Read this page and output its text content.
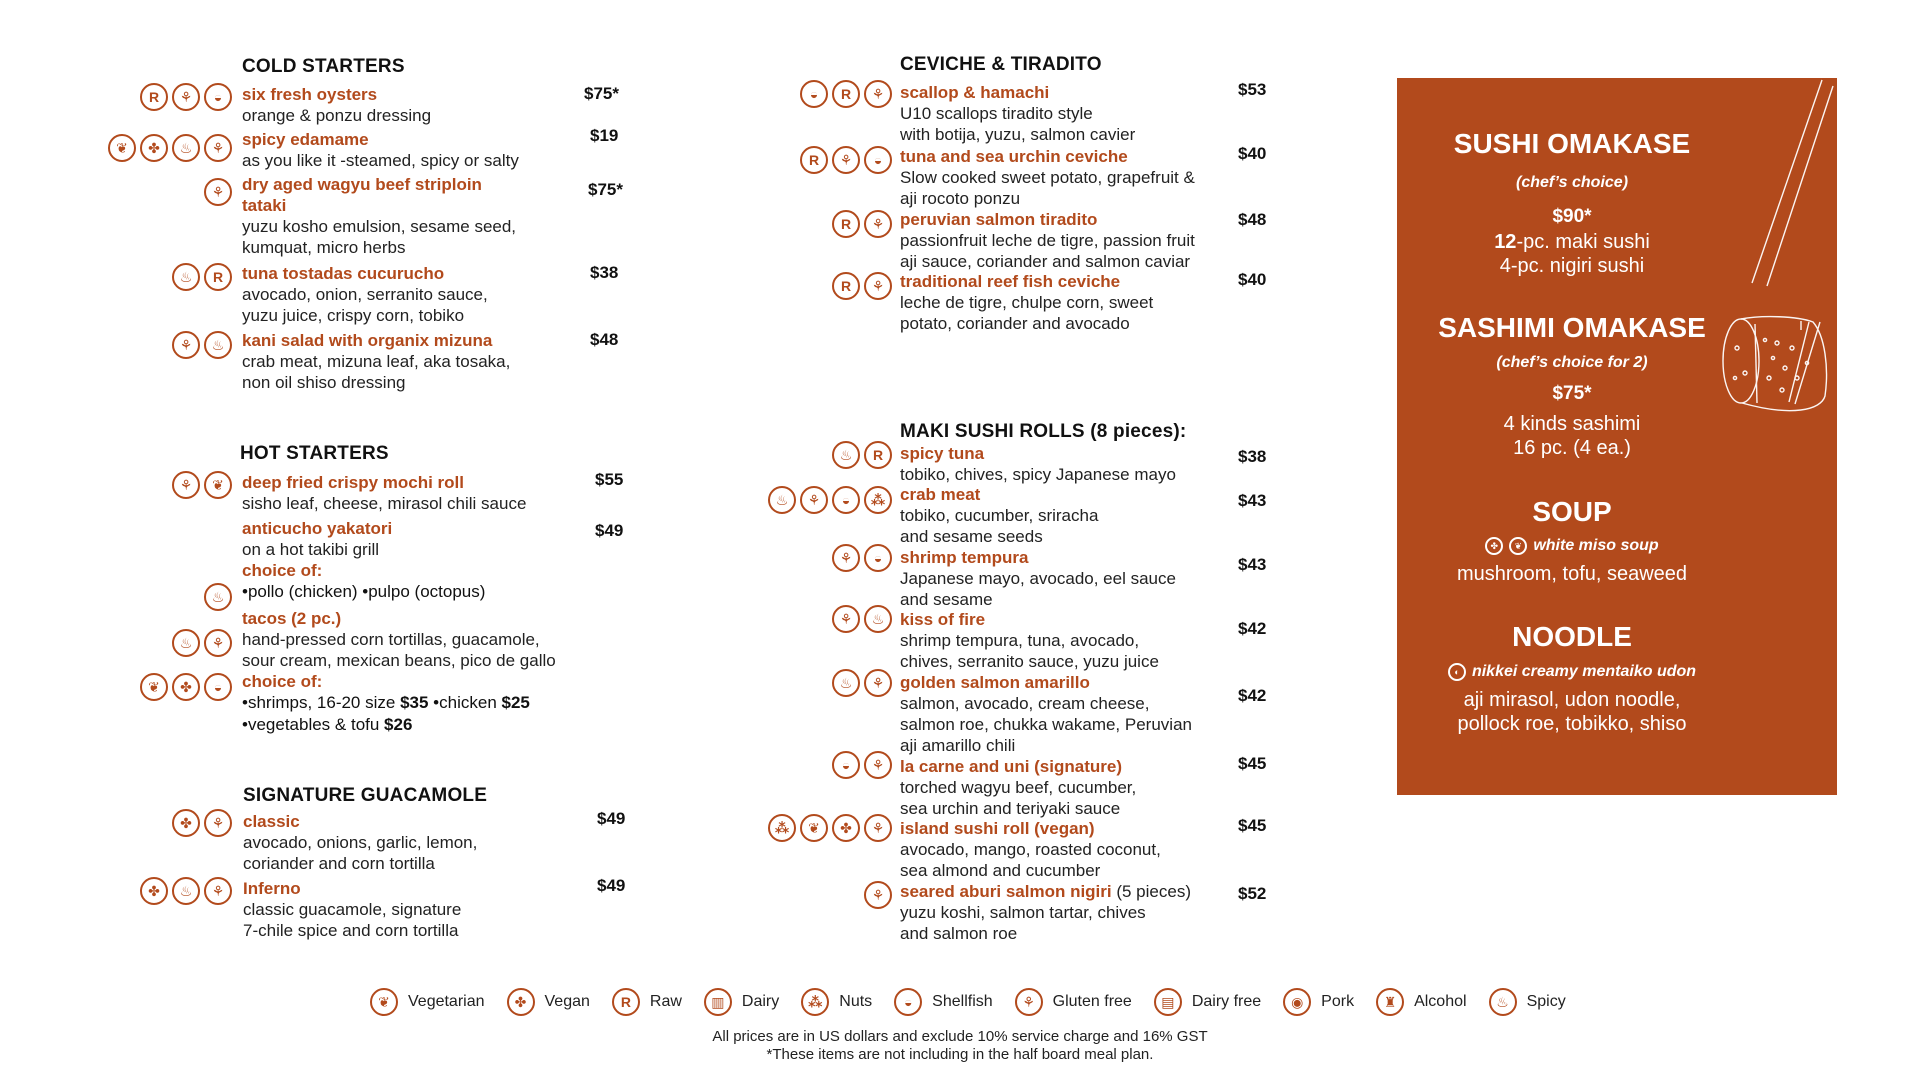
COLD STARTERS
R	⚘	◒	six fresh oysters
orange & ponzu dressing
$75*
❦	✤	♨	⚘	spicy edamame
as you like it -steamed, spicy or salty
$19
⚘	dry aged wagyu beef striploin
tataki
yuzu kosho emulsion, sesame seed,
kumquat, micro herbs
$75*
♨	R	tuna tostadas cucurucho
avocado, onion, serranito sauce,
yuzu juice, crispy corn, tobiko
$38
⚘	♨	kani salad with organix mizuna
crab meat, mizuna leaf, aka tosaka,
non oil shiso dressing
$48
HOT STARTERS
⚘	❦	deep fried crispy mochi roll
sisho leaf, cheese, mirasol chili sauce
$55
anticucho yakatori
on a hot takibi grill
choice of:
•pollo (chicken) •pulpo (octopus)
$49
♨
♨	⚘
tacos (2 pc.)
hand-pressed corn tortillas, guacamole,
sour cream, mexican beans, pico de gallo
choice of:
•shrimps, 16-20 size $35 •chicken $25
•vegetables & tofu $26
❦	✤	◒
SIGNATURE GUACAMOLE
✤	⚘	classic
avocado, onions, garlic, lemon,
coriander and corn tortilla
$49
✤	♨	⚘	Inferno
classic guacamole, signature
7-chile spice and corn tortilla
$49
CEVICHE & TIRADITO
◒	R	⚘ scallop & hamachi
U10 scallops tiradito style
with botija, yuzu, salmon cavier
$53
R	⚘	◒	tuna and sea urchin ceviche
Slow cooked sweet potato, grapefruit &
aji rocoto ponzu
$40
R	⚘ peruvian salmon tiradito
passionfruit leche de tigre, passion fruit
aji sauce, coriander and salmon caviar
$48
R	⚘ traditional reef fish ceviche
leche de tigre, chulpe corn, sweet
potato, coriander and avocado
$40
MAKI SUSHI ROLLS (8 pieces):
♨	R spicy tuna
tobiko, chives, spicy Japanese mayo
$38
♨	⚘	◒	⁂ crab meat
tobiko, cucumber, sriracha
and sesame seeds
$43
⚘	◒	shrimp tempura
Japanese mayo, avocado, eel sauce
and sesame
$43
⚘	♨ kiss of fire
shrimp tempura, tuna, avocado,
chives, serranito sauce, yuzu juice
$42
♨	⚘ golden salmon amarillo
salmon, avocado, cream cheese,
salmon roe, chukka wakame, Peruvian
aji amarillo chili
$42
◒	⚘ la carne and uni (signature)
torched wagyu beef, cucumber,
sea urchin and teriyaki sauce
$45
⁂	❦	✤	⚘ island sushi roll (vegan)
avocado, mango, roasted coconut,
sea almond and cucumber
$45
⚘ seared aburi salmon nigiri (5 pieces)
yuzu koshi, salmon tartar, chives
and salmon roe
$52
SUSHI OMAKASE
(chef’s choice)
$90*
12-pc. maki sushi
4-pc. nigiri sushi
SASHIMI OMAKASE
(chef’s choice for 2)
$75*
4 kinds sashimi
16 pc. (4 ea.)
SOUP
✤	❦ white miso soup
mushroom, tofu, seaweed
NOODLE
◐ nikkei creamy mentaiko udon
aji mirasol, udon noodle,
pollock roe, tobikko, shiso
❦	Vegetarian	✤	Vegan	R	Raw	▥	Dairy	⁂	Nuts	◒	Shellfish	⚘	Gluten free	▤	Dairy free	◉	Pork	♜	Alcohol	♨	Spicy
All prices are in US dollars and exclude 10% service charge and 16% GST
*These items are not including in the half board meal plan.
